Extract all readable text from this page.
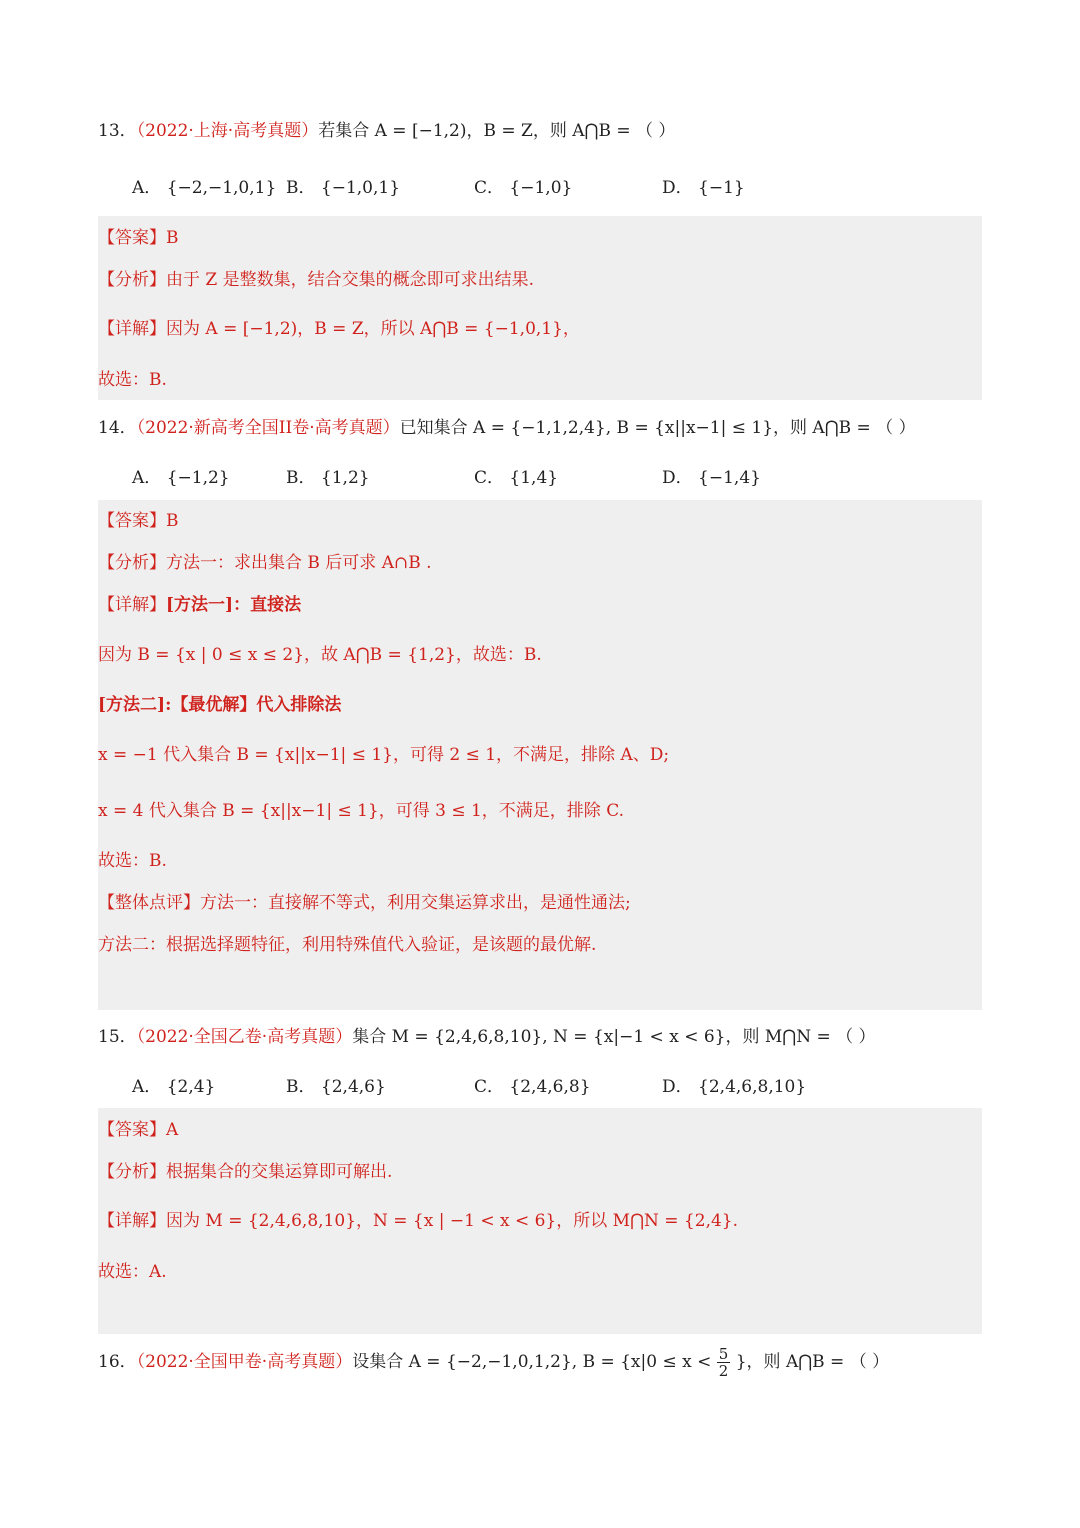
13．（2022·上海·高考真题）若集合 A = [−1,2)，B = Z，则 A⋂B = （ ）
A． {−2,−1,0,1} B． {−1,0,1}	C． {−1,0}	D． {−1}
【答案】B
【分析】由于 Z 是整数集，结合交集的概念即可求出结果.
【详解】因为 A = [−1,2)，B = Z，所以 A⋂B = {−1,0,1}，
故选：B.
14．（2022·新高考全国II卷·高考真题）已知集合 A = {−1,1,2,4}, B = {x||x−1| ≤ 1}，则 A⋂B = （ ）
A． {−1,2}	B． {1,2}	C． {1,4}	D． {−1,4}
【答案】B
【分析】方法一：求出集合 B 后可求 A∩B .
【详解】[方法一]：直接法
因为 B = {x | 0 ≤ x ≤ 2}，故 A⋂B = {1,2}，故选：B.
[方法二]:【最优解】代入排除法
x = −1 代入集合 B = {x||x−1| ≤ 1}，可得 2 ≤ 1，不满足，排除 A、D;
x = 4 代入集合 B = {x||x−1| ≤ 1}，可得 3 ≤ 1，不满足，排除 C.
故选：B.
【整体点评】方法一：直接解不等式，利用交集运算求出，是通性通法;
方法二：根据选择题特征，利用特殊值代入验证，是该题的最优解.
15．（2022·全国乙卷·高考真题）集合 M = {2,4,6,8,10}, N = {x|−1 < x < 6}，则 M⋂N = （ ）
A． {2,4}	B． {2,4,6}	C． {2,4,6,8}	D． {2,4,6,8,10}
【答案】A
【分析】根据集合的交集运算即可解出.
【详解】因为 M = {2,4,6,8,10}，N = {x | −1 < x < 6}，所以 M⋂N = {2,4}.
故选：A.
16．（2022·全国甲卷·高考真题）设集合 A = {−2,−1,0,1,2}, $B = \{x|0 \le x < \frac{5}{2}$ }，则 A⋂B = （ ）
